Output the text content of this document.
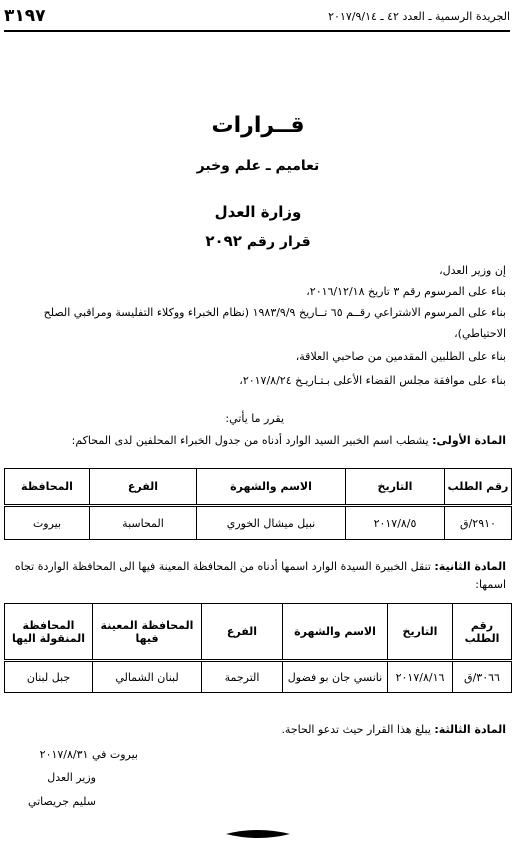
الجريدة الرسمية ـ العدد ٤٢ ـ ٢٠١٧/٩/١٤
٣١٩٧
قــرارات
تعاميم ـ علم وخبر
وزارة العدل
قرار رقم ٢٠٩٢
إن وزير العدل،
بناء على المرسوم رقم ٣ تاريخ ٢٠١٦/١٢/١٨،
بناء على المرسوم الاشتراعي رقــم ٦٥ تــاريخ ١٩٨٣/٩/٩ (نظام الخبراء ووكلاء التفليسة ومراقبي الصلح
الاحتياطي)،
بناء على الطلبين المقدمين من صاحبي العلاقة،
بناء على موافقة مجلس القضاء الأعلى بـتـاريـخ ٢٠١٧/٨/٢٤،
يقرر ما يأتي:
المادة الأولى: يشطب اسم الخبير السيد الوارد أدناه من جدول الخبراء المحلفين لدى المحاكم:
رقم الطلب	التاريخ	الاسم والشهرة	الفرع	المحافظة
٢٩١٠/ق	٢٠١٧/٨/٥	نبيل ميشال الخوري	المحاسبة	بيروت
المادة الثانية: تنقل الخبيرة السيدة الوارد اسمها أدناه من المحافظة المعينة فيها الى المحافظة الواردة تجاه
اسمها:
رقم الطلب	التاريخ	الاسم والشهرة	الفرع	المحافظة المعينة فيها	المحافظة المنقولة اليها
٣٠٦٦/ق	٢٠١٧/٨/١٦	نانسي جان بو فضول	الترجمة	لبنان الشمالي	جبل لبنان
المادة الثالثة: يبلغ هذا القرار حيث تدعو الحاجة.
بيروت في ٢٠١٧/٨/٣١
وزير العدل
سليم جريصاتي
